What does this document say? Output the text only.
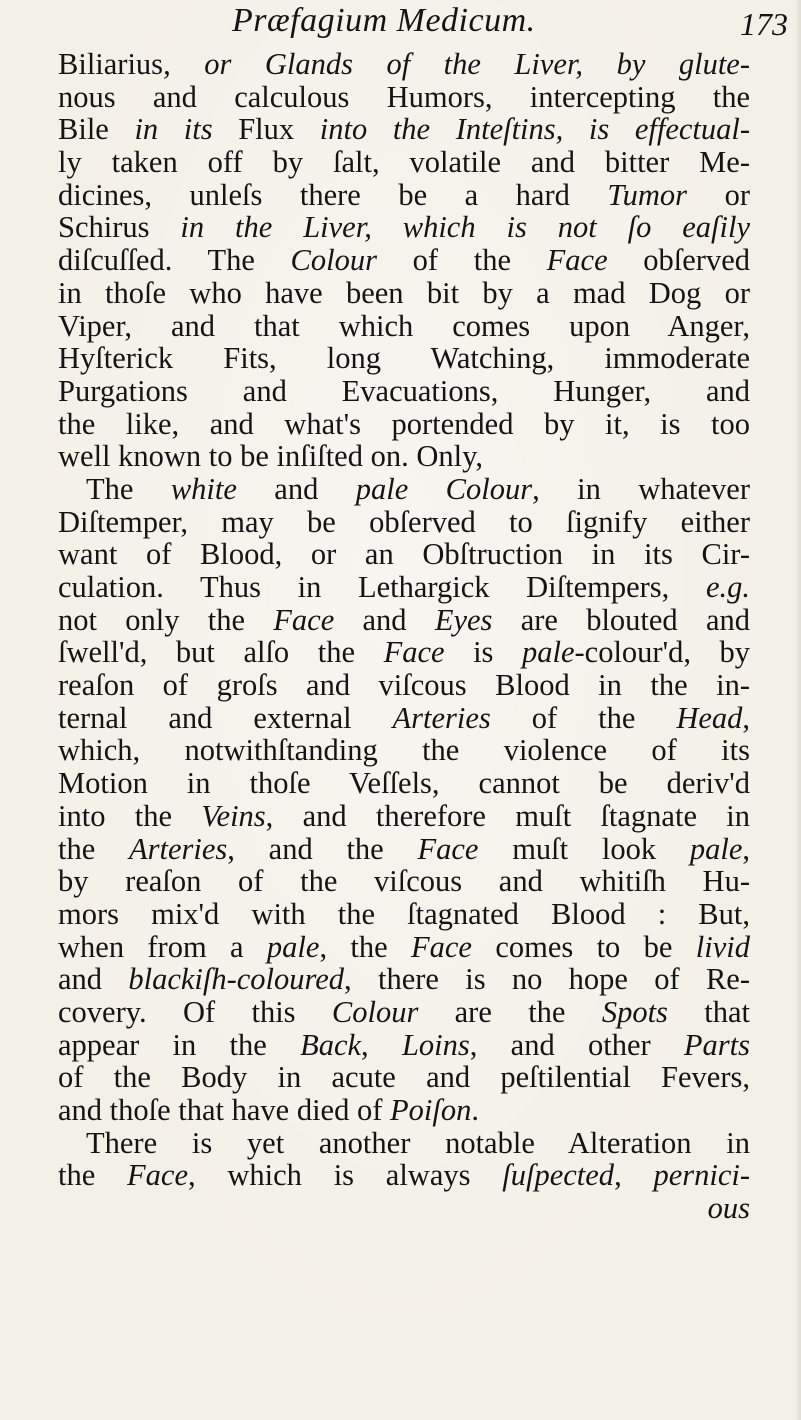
Præfagium Medicum.	173
Biliarius, or Glands of the Liver, by glute-
nous and calculous Humors, intercepting the
Bile in its Flux into the Inteſtins, is effectual-
ly taken off by ſalt, volatile and bitter Me-
dicines, unleſs there be a hard Tumor or
Schirus in the Liver, which is not ſo eaſily
diſcuſſed. The Colour of the Face obſerved
in thoſe who have been bit by a mad Dog or
Viper, and that which comes upon Anger,
Hyſterick Fits, long Watching, immoderate
Purgations and Evacuations, Hunger, and
the like, and what's portended by it, is too
well known to be inſiſted on. Only,
The white and pale Colour, in whatever
Diſtemper, may be obſerved to ſignify either
want of Blood, or an Obſtruction in its Cir-
culation. Thus in Lethargick Diſtempers, e.g.
not only the Face and Eyes are blouted and
ſwell'd, but alſo the Face is pale-colour'd, by
reaſon of groſs and viſcous Blood in the in-
ternal and external Arteries of the Head,
which, notwithſtanding the violence of its
Motion in thoſe Veſſels, cannot be deriv'd
into the Veins, and therefore muſt ſtagnate in
the Arteries, and the Face muſt look pale,
by reaſon of the viſcous and whitiſh Hu-
mors mix'd with the ſtagnated Blood : But,
when from a pale, the Face comes to be livid
and blackiſh-coloured, there is no hope of Re-
covery. Of this Colour are the Spots that
appear in the Back, Loins, and other Parts
of the Body in acute and peſtilential Fevers,
and thoſe that have died of Poiſon.
There is yet another notable Alteration in
the Face, which is always ſuſpected, pernici-
ous
